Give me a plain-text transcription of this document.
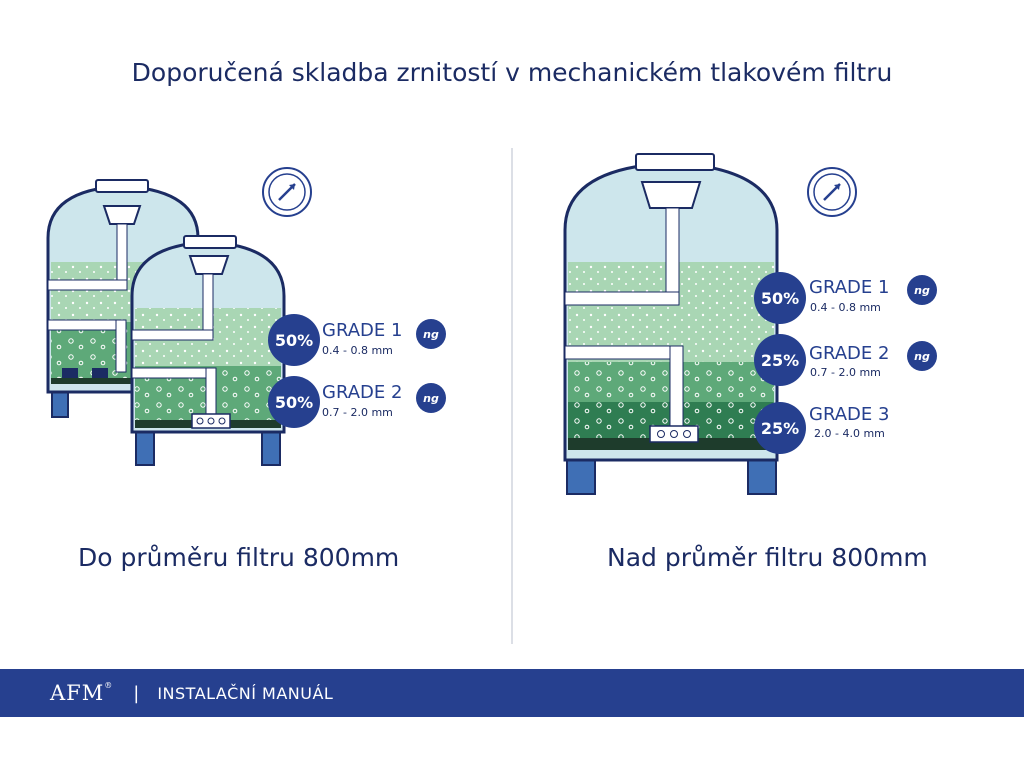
Doporučená skladba zrnitostí v mechanickém tlakovém filtru
50% GRADE 1
0.4 - 0.8 mm
ng
50% GRADE 2
0.7 - 2.0 mm
ng
50%
GRADE 1
0.4 - 0.8 mm
ng
25% GRADE 2
0.7 - 2.0 mm
ng
25%
GRADE 3
2.0 - 4.0 mm
Do průměru filtru 800mm	Nad průměr filtru 800mm
AFM® | INSTALAČNÍ MANUÁL
